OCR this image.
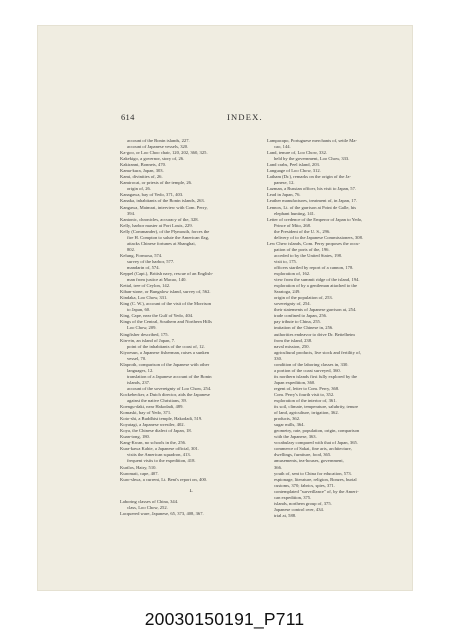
614	INDEX.
account of the Bonin islands, 227.
account of Japanese vessels, 320.
Ka-goo, or Loo Choo chair, 120, 202, 360, 325.
Kakekigo, a governor, story of, 26.
Kakiranni, Bonnets, 470.
Kama-kura, Japan, 303.
Kami, divinities of, 26.
Kamirocai, or priests of the temple, 26.
origin of, 26.
Kanagawa, bay of Yedo, 371, 403.
Kanaka, inhabitants of the Bonin islands, 263.
Kangawa, Maimrai, interview with Com. Perry,
394.
Kantonic, chronicles, accuracy of the, 328.
Kelly, harbor master at Port Louis, 229.
Kelly (Commander), of the Plymouth, forces the
fire H. Compton to salute the American flag,
attacks Chinese fortunes at Shanghai,
802.
Kelung, Formosa, 574.
survey of the harbor, 577.
mandarin of, 574.
Keppel (Capt.), British navy, rescue of an English-
man from justice at Macao, 140.
Kettal, tree of Ceylon, 142.
Kiban-stone, or Bungalow island, survey of, 562.
Kindaka, Loo Chow, 331.
King (C. W.), account of the visit of the Morrison
to Japan, 60.
King, Cape, near the Gulf of Yedo, 404.
Kings of the Central, Southern and Northern Hills
Loo Chow, 209.
Kingfisher described, 175.
Kin-ein, an island of Japan, 7.
point of the inhabitants of the coast of, 12.
Kiyoesun, a Japanese fisherman, raises a sunken
vessel, 70.
Klaproth, comparison of the Japanese with other
languages, 12.
translation of a Japanese account of the Bonin
islands, 237.
account of the sovereignty of Loo Chow, 254.
Kockebecker, a Dutch director, aids the Japanese
against the native Christians, 39.
Koengu-daki, near Hakodadi, 489.
Komaski, bay of Yedo, 371.
Koto-shi, a Buddhist temple, Hakodadi, 519.
Koyatagi, a Japanese wrestler, 402.
Koya, the Chinese dialect of Japan, 18.
Kuan-tong, 180.
Kang-Kwan, no schools in the, 256.
Kura-kawa Kahie, a Japanese official, 301.
visits the American squadron, 413.
frequent visits to the expedition, 418.
Kurilos, Hairy, 510.
Kuromati, cape, 407.
Kuro-shwa, a current, Lt. Bent's report on, 400.
L
Laboring classes of China, 344.
class, Loo Chow, 252.
Lacquered ware, Japanese, 65, 373, 408, 367.
Lampacapo, Portuguese merchants of, settle Ma-
cao, 144.
Land, tenure of, Loo Chow, 332.
held by the government, Loo Chow, 333.
Land crabs, Peel island, 203.
Language of Loo Chow, 312.
Latham (Dr.), remarks on the origin of the Ja-
panese, 12.
Lazman, a Russian officer, his visit to Japan, 57.
Lead in Japan, 76.
Leather manufactures, treatment of, in Japan, 17.
Lennox, Lt. of the garrison at Point de Galle, his
elephant hunting, 141.
Letter of credence of the Emperor of Japan to Yedo,
Prince of Mito, 268.
the President of the U. S., 296.
delivery of to the Japanese Commissioners, 308.
Lew Chew islands, Com. Perry proposes the occu-
pation of the ports of the, 196.
acceded to by the United States, 198.
visit to, 175.
officers startled by report of a cannon, 178.
exploration of, 162.
view from the summit ridge of the island, 194.
exploration of by a gentleman attached to the
Saratoga, 249.
origin of the population of, 253.
sovereignty of, 254.
their statements of Japanese garrison at, 254.
trade confined to Japan, 256.
pay tribute to China, 255.
imitation of the Chinese in, 256.
authorities endeavor to drive Dr. Bettelheim
from the island, 238.
naval mission, 250.
agricultural products, live stock and fertility of,
330.
condition of the laboring classes in, 330.
a portion of the coast surveyed, 360.
its northern islands first fully explored by the
Japan expedition, 360.
regent of, letter to Com. Perry, 368.
Com. Perry's fourth visit to, 352.
exploration of the interior of, 361.
its soil, climate, temperature, salubrity, tenure
of land, agriculture, irrigation, 362.
products, 362.
sugar mills, 364.
geometry, rate, population, origin, comparison
with the Japanese, 363.
vocabulary compared with that of Japan, 365.
commerce of Sakai, fine arts, architecture,
dwellings, furniture, food, 365.
amusements, tea-houses, government,
366.
youth of, sent to China for education, 573.
espionage, literature, religion, Bonzes, burial
customs, 370; fabrics, spies, 371.
contemplated "surveillance" of, by the Ameri-
can expedition, 375.
islands, northern group of, 375.
Japanese control over, 434.
trial at, 588.
20030150191_P711
